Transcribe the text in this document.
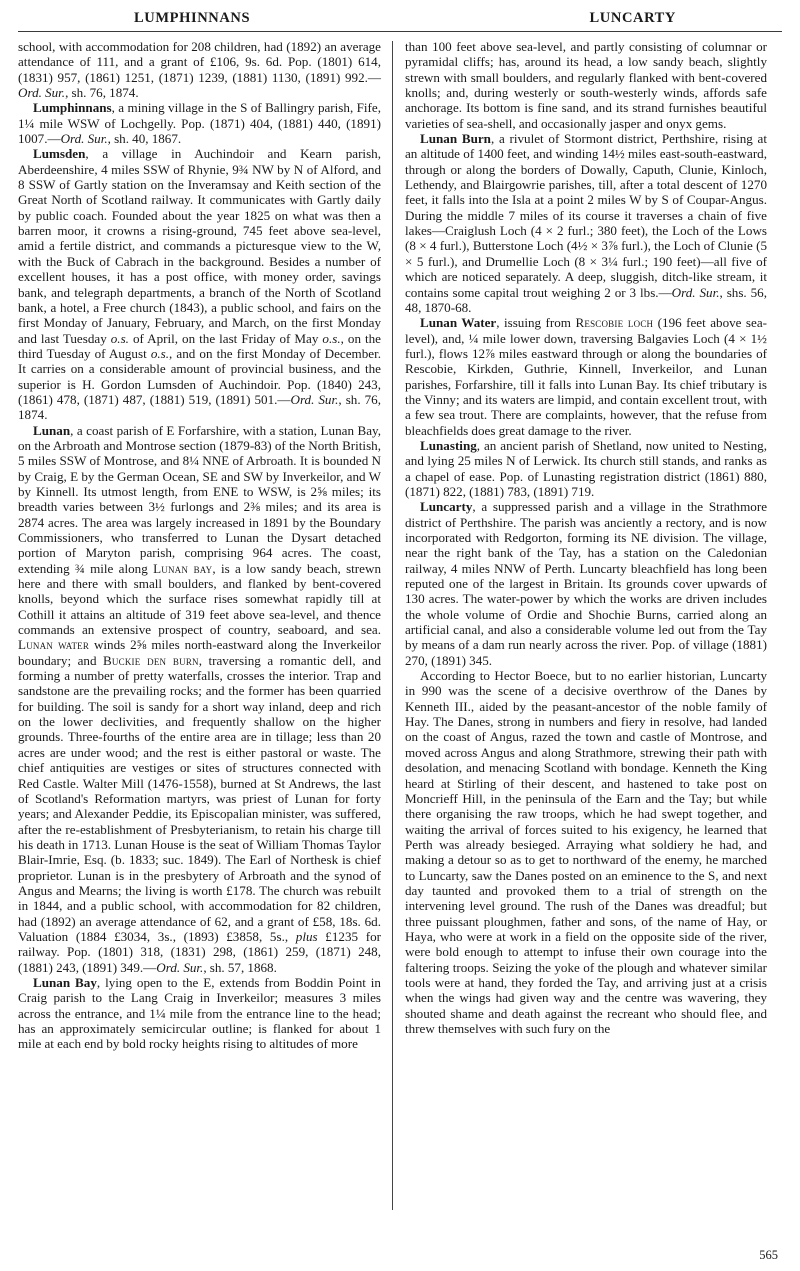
LUMPHINNANS	LUNCARTY

school, with accommodation for 208 children, had (1892) an average attendance of 111, and a grant of £106, 9s. 6d. Pop. (1801) 614, (1831) 957, (1861) 1251, (1871) 1239, (1881) 1130, (1891) 992.—Ord. Sur., sh. 76, 1874.

Lumphinnans, a mining village in the S of Ballingry parish, Fife, 1¼ mile WSW of Lochgelly. Pop. (1871) 404, (1881) 440, (1891) 1007.—Ord. Sur., sh. 40, 1867.

Lumsden, a village in Auchindoir and Kearn parish, Aberdeenshire, 4 miles SSW of Rhynie, 9¾ NW by N of Alford, and 8 SSW of Gartly station on the Inveramsay and Keith section of the Great North of Scotland railway. It communicates with Gartly daily by public coach. Founded about the year 1825 on what was then a barren moor, it crowns a rising-ground, 745 feet above sea-level, amid a fertile district, and commands a picturesque view to the W, with the Buck of Cabrach in the background. Besides a number of excellent houses, it has a post office, with money order, savings bank, and telegraph departments, a branch of the North of Scotland bank, a hotel, a Free church (1843), a public school, and fairs on the first Monday of January, February, and March, on the first Monday and last Tuesday o.s. of April, on the last Friday of May o.s., on the third Tuesday of August o.s., and on the first Monday of December. It carries on a considerable amount of provincial business, and the superior is H. Gordon Lumsden of Auchindoir. Pop. (1840) 243, (1861) 478, (1871) 487, (1881) 519, (1891) 501.—Ord. Sur., sh. 76, 1874.

Lunan, a coast parish of E Forfarshire, with a station, Lunan Bay, on the Arbroath and Montrose section (1879-83) of the North British, 5 miles SSW of Montrose, and 8¼ NNE of Arbroath. It is bounded N by Craig, E by the German Ocean, SE and SW by Inverkeilor, and W by Kinnell. Its utmost length, from ENE to WSW, is 2⅝ miles; its breadth varies between 3½ furlongs and 2⅜ miles; and its area is 2874 acres. The area was largely increased in 1891 by the Boundary Commissioners, who transferred to Lunan the Dysart detached portion of Maryton parish, comprising 964 acres. The coast, extending ¾ mile along Lunan bay, is a low sandy beach, strewn here and there with small boulders, and flanked by bent-covered knolls, beyond which the surface rises somewhat rapidly till at Cothill it attains an altitude of 319 feet above sea-level, and thence commands an extensive prospect of country, seaboard, and sea. Lunan water winds 2⅝ miles north-eastward along the Inverkeilor boundary; and Buckie den burn, traversing a romantic dell, and forming a number of pretty waterfalls, crosses the interior. Trap and sandstone are the prevailing rocks; and the former has been quarried for building. The soil is sandy for a short way inland, deep and rich on the lower declivities, and frequently shallow on the higher grounds. Three-fourths of the entire area are in tillage; less than 20 acres are under wood; and the rest is either pastoral or waste. The chief antiquities are vestiges or sites of structures connected with Red Castle. Walter Mill (1476-1558), burned at St Andrews, the last of Scotland's Reformation martyrs, was priest of Lunan for forty years; and Alexander Peddie, its Episcopalian minister, was suffered, after the re-establishment of Presbyterianism, to retain his charge till his death in 1713. Lunan House is the seat of William Thomas Taylor Blair-Imrie, Esq. (b. 1833; suc. 1849). The Earl of Northesk is chief proprietor. Lunan is in the presbytery of Arbroath and the synod of Angus and Mearns; the living is worth £178. The church was rebuilt in 1844, and a public school, with accommodation for 82 children, had (1892) an average attendance of 62, and a grant of £58, 18s. 6d. Valuation (1884 £3034, 3s., (1893) £3858, 5s., plus £1235 for railway. Pop. (1801) 318, (1831) 298, (1861) 259, (1871) 248, (1881) 243, (1891) 349.—Ord. Sur., sh. 57, 1868.

Lunan Bay, lying open to the E, extends from Boddin Point in Craig parish to the Lang Craig in Inverkeilor; measures 3 miles across the entrance, and 1¼ mile from the entrance line to the head; has an approximately semicircular outline; is flanked for about 1 mile at each end by bold rocky heights rising to altitudes of more

than 100 feet above sea-level, and partly consisting of columnar or pyramidal cliffs; has, around its head, a low sandy beach, slightly strewn with small boulders, and regularly flanked with bent-covered knolls; and, during westerly or south-westerly winds, affords safe anchorage. Its bottom is fine sand, and its strand furnishes beautiful varieties of sea-shell, and occasionally jasper and onyx gems.

Lunan Burn, a rivulet of Stormont district, Perthshire, rising at an altitude of 1400 feet, and winding 14½ miles east-south-eastward, through or along the borders of Dowally, Caputh, Clunie, Kinloch, Lethendy, and Blairgowrie parishes, till, after a total descent of 1270 feet, it falls into the Isla at a point 2 miles W by S of Coupar-Angus. During the middle 7 miles of its course it traverses a chain of five lakes—Craiglush Loch (4 × 2 furl.; 380 feet), the Loch of the Lows (8 × 4 furl.), Butterstone Loch (4½ × 3⅞ furl.), the Loch of Clunie (5 × 5 furl.), and Drumellie Loch (8 × 3¼ furl.; 190 feet)—all five of which are noticed separately. A deep, sluggish, ditch-like stream, it contains some capital trout weighing 2 or 3 lbs.—Ord. Sur., shs. 56, 48, 1870-68.

Lunan Water, issuing from Rescobie loch (196 feet above sea-level), and, ¼ mile lower down, traversing Balgavies Loch (4 × 1½ furl.), flows 12⅞ miles eastward through or along the boundaries of Rescobie, Kirkden, Guthrie, Kinnell, Inverkeilor, and Lunan parishes, Forfarshire, till it falls into Lunan Bay. Its chief tributary is the Vinny; and its waters are limpid, and contain excellent trout, with a few sea trout. There are complaints, however, that the refuse from bleachfields does great damage to the river.

Lunasting, an ancient parish of Shetland, now united to Nesting, and lying 25 miles N of Lerwick. Its church still stands, and ranks as a chapel of ease. Pop. of Lunasting registration district (1861) 880, (1871) 822, (1881) 783, (1891) 719.

Luncarty, a suppressed parish and a village in the Strathmore district of Perthshire. The parish was anciently a rectory, and is now incorporated with Redgorton, forming its NE division. The village, near the right bank of the Tay, has a station on the Caledonian railway, 4 miles NNW of Perth. Luncarty bleachfield has long been reputed one of the largest in Britain. Its grounds cover upwards of 130 acres. The water-power by which the works are driven includes the whole volume of Ordie and Shochie Burns, carried along an artificial canal, and also a considerable volume led out from the Tay by means of a dam run nearly across the river. Pop. of village (1881) 270, (1891) 345.

According to Hector Boece, but to no earlier historian, Luncarty in 990 was the scene of a decisive overthrow of the Danes by Kenneth III., aided by the peasant-ancestor of the noble family of Hay. The Danes, strong in numbers and fiery in resolve, had landed on the coast of Angus, razed the town and castle of Montrose, and moved across Angus and along Strathmore, strewing their path with desolation, and menacing Scotland with bondage. Kenneth the King heard at Stirling of their descent, and hastened to take post on Moncrieff Hill, in the peninsula of the Earn and the Tay; but while there organising the raw troops, which he had swept together, and waiting the arrival of forces suited to his exigency, he learned that Perth was already besieged. Arraying what soldiery he had, and making a detour so as to get to northward of the enemy, he marched to Luncarty, saw the Danes posted on an eminence to the S, and next day taunted and provoked them to a trial of strength on the intervening level ground. The rush of the Danes was dreadful; but three puissant ploughmen, father and sons, of the name of Hay, or Haya, who were at work in a field on the opposite side of the river, were bold enough to attempt to infuse their own courage into the faltering troops. Seizing the yoke of the plough and whatever similar tools were at hand, they forded the Tay, and arriving just at a crisis when the wings had given way and the centre was wavering, they shouted shame and death against the recreant who should flee, and threw themselves with such fury on the

565
